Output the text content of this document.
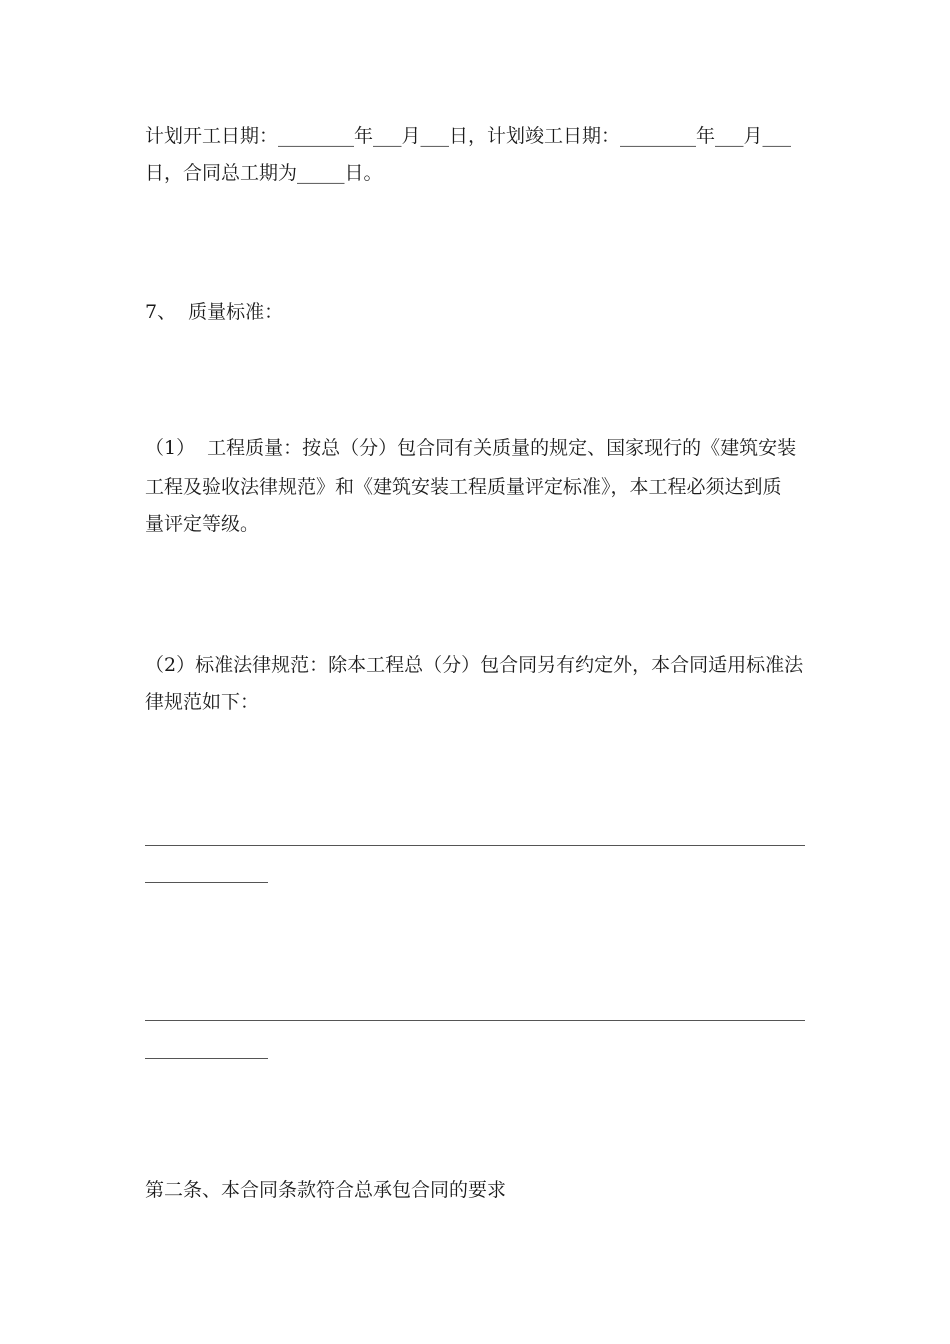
计划开工日期：________年___月___日，计划竣工日期：________年___月___

日，合同总工期为_____日。

7、  质量标准：

（1）  工程质量：按总（分）包合同有关质量的规定、国家现行的《建筑安装

工程及验收法律规范》和《建筑安装工程质量评定标准》，本工程必须达到质

量评定等级。

（2）标准法律规范：除本工程总（分）包合同另有约定外，本合同适用标准法

律规范如下：

第二条、本合同条款符合总承包合同的要求
